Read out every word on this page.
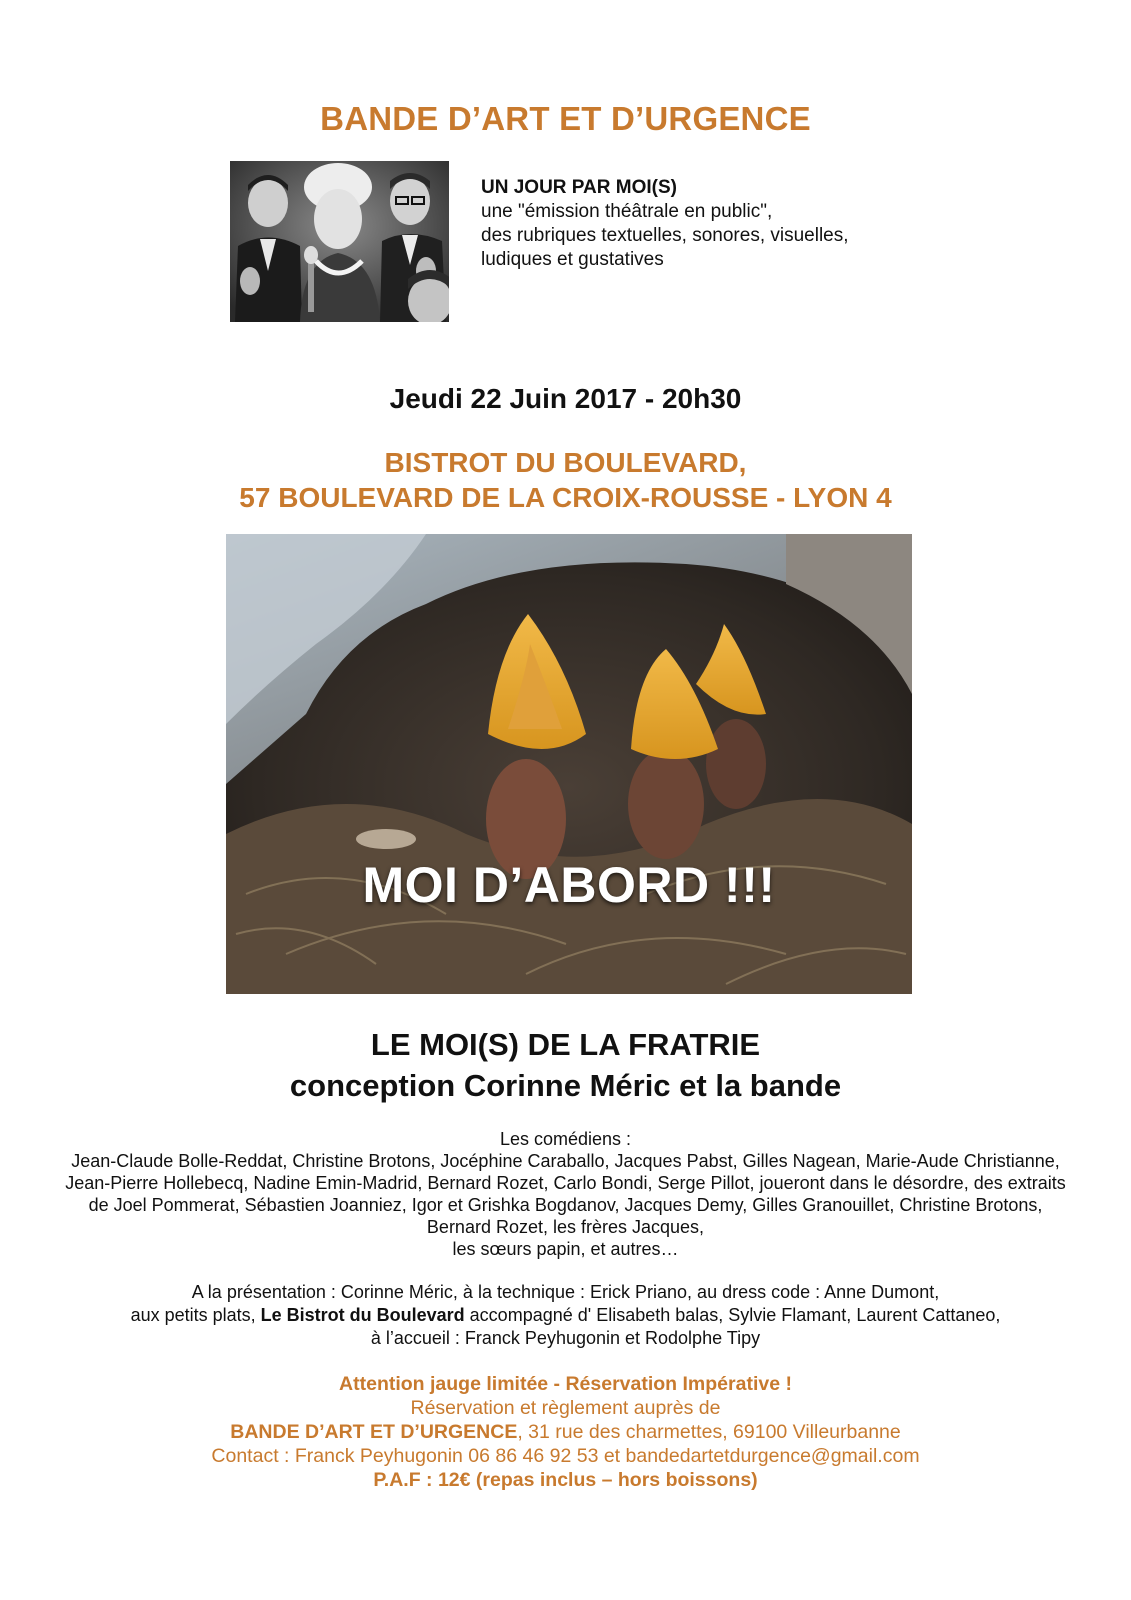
BANDE D’ART ET D’URGENCE
UN JOUR PAR MOI(S)
une "émission théâtrale en public",
des rubriques textuelles, sonores, visuelles,
ludiques et gustatives
Jeudi 22 Juin 2017 - 20h30
BISTROT DU BOULEVARD,
57 BOULEVARD DE LA CROIX-ROUSSE - LYON 4
MOI D’ABORD !!!
LE MOI(S) DE LA FRATRIE
conception Corinne Méric et la bande
Les comédiens :
Jean-Claude Bolle-Reddat, Christine Brotons, Jocéphine Caraballo, Jacques Pabst, Gilles Nagean, Marie-Aude Christianne, Jean-Pierre Hollebecq, Nadine Emin-Madrid, Bernard Rozet, Carlo Bondi, Serge Pillot, joueront dans le désordre, des extraits de Joel Pommerat, Sébastien Joanniez, Igor et Grishka Bogdanov, Jacques Demy, Gilles Granouillet, Christine Brotons, Bernard Rozet, les frères Jacques,
les sœurs papin, et autres…
A la présentation : Corinne Méric, à la technique : Erick Priano, au dress code : Anne Dumont,
aux petits plats, Le Bistrot du Boulevard accompagné d' Elisabeth balas, Sylvie Flamant, Laurent Cattaneo,
à l’accueil : Franck Peyhugonin et Rodolphe Tipy
Attention jauge limitée - Réservation Impérative !
Réservation et règlement auprès de
BANDE D’ART ET D’URGENCE, 31 rue des charmettes, 69100 Villeurbanne
Contact : Franck Peyhugonin 06 86 46 92 53 et bandedartetdurgence@gmail.com
P.A.F : 12€ (repas inclus – hors boissons)
